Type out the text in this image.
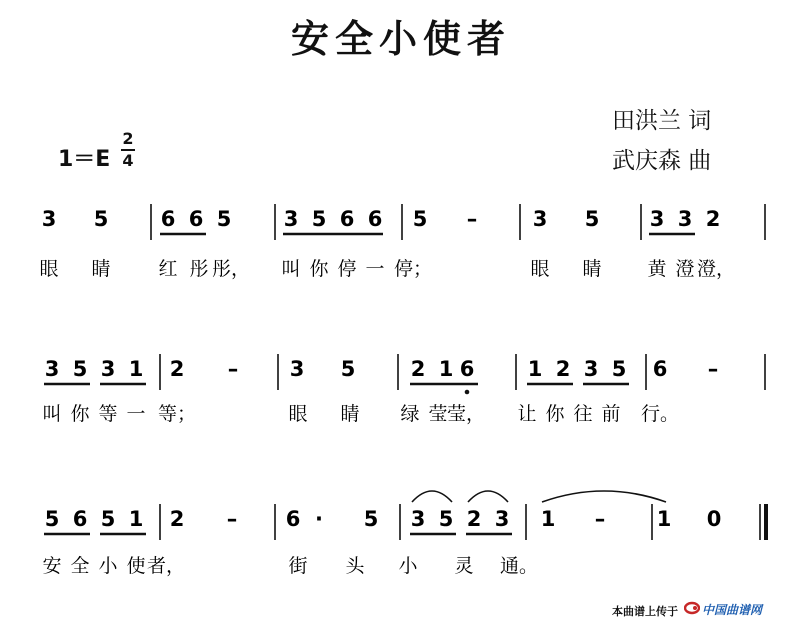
安全小使者
田洪兰 词
武庆森 曲
1＝E
2
4
3 5 6 6 5 3 5 6 6 5 –	3 5 3 3 2
眼 睛	红 彤 彤， 叫 你 停 一 停；	眼 睛 黄 澄 澄，
3 5 3 1 2 – 3 5	2 1 6	1 2 3 5 6 –
叫 你 等 一 等；	眼 睛 绿 莹 莹， 让 你 往 前 行。
5 6 5 1 2 – 6 · 5 3 5 2 3 1 – 1 0
安 全 小 使 者，	街 头 小 灵 通。
本曲谱上传于 中国曲谱网
